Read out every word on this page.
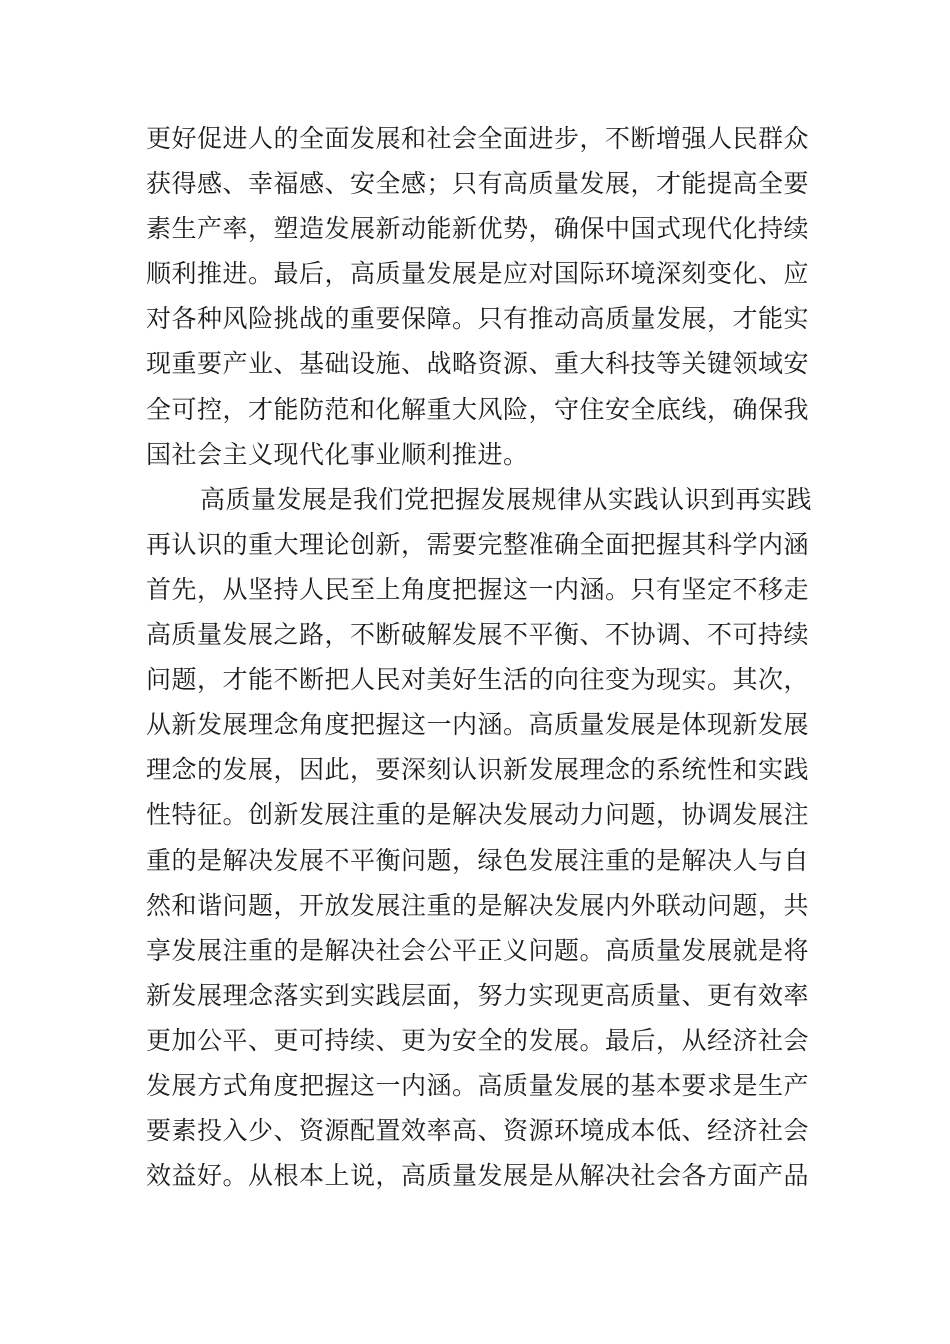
更好促进人的全面发展和社会全面进步，不断增强人民群众
获得感、幸福感、安全感；只有高质量发展，才能提高全要
素生产率，塑造发展新动能新优势，确保中国式现代化持续
顺利推进。最后，高质量发展是应对国际环境深刻变化、应
对各种风险挑战的重要保障。只有推动高质量发展，才能实
现重要产业、基础设施、战略资源、重大科技等关键领域安
全可控，才能防范和化解重大风险，守住安全底线，确保我
国社会主义现代化事业顺利推进。
高质量发展是我们党把握发展规律从实践认识到再实践
再认识的重大理论创新，需要完整准确全面把握其科学内涵
首先，从坚持人民至上角度把握这一内涵。只有坚定不移走
高质量发展之路，不断破解发展不平衡、不协调、不可持续
问题，才能不断把人民对美好生活的向往变为现实。其次，
从新发展理念角度把握这一内涵。高质量发展是体现新发展
理念的发展，因此，要深刻认识新发展理念的系统性和实践
性特征。创新发展注重的是解决发展动力问题，协调发展注
重的是解决发展不平衡问题，绿色发展注重的是解决人与自
然和谐问题，开放发展注重的是解决发展内外联动问题，共
享发展注重的是解决社会公平正义问题。高质量发展就是将
新发展理念落实到实践层面，努力实现更高质量、更有效率
更加公平、更可持续、更为安全的发展。最后，从经济社会
发展方式角度把握这一内涵。高质量发展的基本要求是生产
要素投入少、资源配置效率高、资源环境成本低、经济社会
效益好。从根本上说，高质量发展是从解决社会各方面产品
